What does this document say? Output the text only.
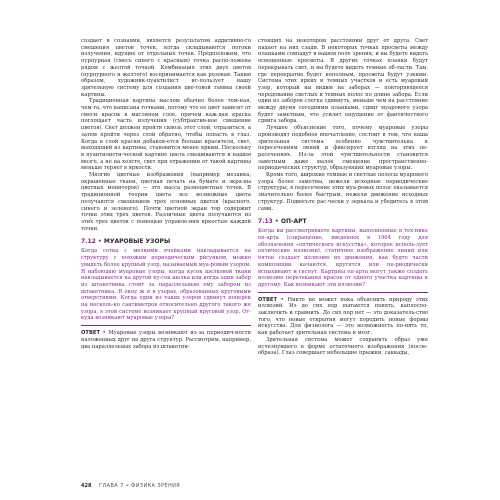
создает в сознании, является результатом аддитивно-го смешения цветов точек, когда складываются потоки излучения, идущие от отдельных точек. Предположим, что пурпурная (смесь синего с красным) точка распо-ложена рядом с желтой точкой. Комбинация этих двух цветов (пурпурного и желтого) воспринимается как розовая. Таким образом, художник-пуантилист ис-пользует нашу зрительную систему для создания цве-товой гаммы своей картины.

Традиционная картина маслом обычно более тем-ная, чем та, что написана точками, потому что ее цвет зависит от смеси красок в масляном слое, причем каж-дая краска поглощает часть излучения (субтрактив-ное смешение цветов). Свет должен пройти сквозь этот слой, отразиться, а затем пройти через слой обратно, чтобы попасть в глаз. Когда в слой краски добавля-ется больше красителя, свет, выходящий из картины, становится менее ярким. Поскольку в пуантилисти-ческой картине цвета смешиваются в нашем мозге, а не на холсте, свет при отражении от такой картины меньше теряет в яркости.

Многие цветные изображения (например мозаика, окрашенные ткани, цветная печать на бумаге и экра-ны цветных мониторов) — это масса разноцветных точек. В традиционной теории цвета все возможные цвета получаются смешением трех основных цветов (красного, синего и зеленого). Почти цветной экран тор содержит точки этих трех цветов. Различные цвета получаются из этих трех цветов с помощью управле-ния яркостью каждой точки.

7.12 • МУАРОВЫЕ УЗОРЫ

Когда сетка с мелкими ячейками накладывается на структуру с похожим периодическим рисунком, можно увидеть более крупный узор, называемый муа-ровым узором. Я наблюдаю муаровые узоры, когда кусок шелковой ткани накладывается на другой ку-сок шелка или когда один забор из штакетника стоит за параллельным ему забором из штакетника. В окну ж я в узорах, образованных круговыми отверстиями. Когда один из таких узоров сдвинут поперек на несколь-ко сантиметров относительно другого такого же узора, в этой системе возникает крупный круговой узор. От-куда возникают муаровые узоры?

ОТВЕТ • Муаровые узоры возникают из-за периодич-ности наложенных друг на друга структур. Рассмотрим, например, два параллельных забора из штакетни-

стоящих на некотором расстоянии друг от друга. Свет падает на них сзади. В некоторых точках просветы между планками совпадут в вашем поле зрения, и вы будете видеть освещенные просветы. В других точках планки будут перекрывать свет, и вы будете видеть темные об-ласти. Там, где перекрытие будет неполным, просветы будут узкими. Система этих ярких и темных участков и есть муаровый узор, который вы видим на заборах — повторяющееся чередование светлых и темных полос по длине забора. Если один из заборов слегка сдвинуть, меньше чем на расстояние между двумя соседними планками, сдвиг муарового узора будет заметным, что усилит ощущение от фантичествого сдвига забора.

Лучшее объяснение того, почему муаровые узоры производят подобное впечатление, состоит в том, что наша зрительная система особенно чувствительна к пересечениям линий и фиксирует взгляд на этих пе-ресечениях. Из-за этой чувствительности становится заметным даже малое смещение пространственно-периодических структур, образующих муаровые узоры.

Кроме того, широкие темные и светлые полосы муарового узора более заметны, нежели исходные периодические структуры, в пересечение этих муа-ровых полос оказывается значительно более быстрым, нежели движение исходных структур. Подвесьте рас-чески у зеркала и убедитесь в этом сами.

7.13 • ОП-АРТ

Когда вы рассматриваете картины, выполненные в тех-нике оп-арта (сокращение, введенное в 1964 году для обозначения «оптического искусства», которое исполь-зует оптические иллюзии), статичное изображение линий или пятен создает иллюзию их движения, как будто части композиции качаются, крутятся или пе-риодически вспыхивают и гаснут. Картины оп-арта могут также создать иллюзию перетекания красок от одного участка картины к другому. Как возникают эти иллюзии?

ОТВЕТ • Никто не может пока объяснить природу этих иллюзий. Из до сих пор пытаются понять, каплоспо-заключить и сравнить. До сих пор нет — это доказатель-ство того, что новые открытия могут породить новые формы искусства. Для физиолога — это возможность по-нять то, как работает зрительная система и мозг.

Зрительная система может сохранить образ уже исчезнувшего в форме остаточного изображения (после-образа). Глаз совершает небольшие прыжки, саккады,

428 ГЛАВА 7 • ФИЗИКА ЗРЕНИЯ
